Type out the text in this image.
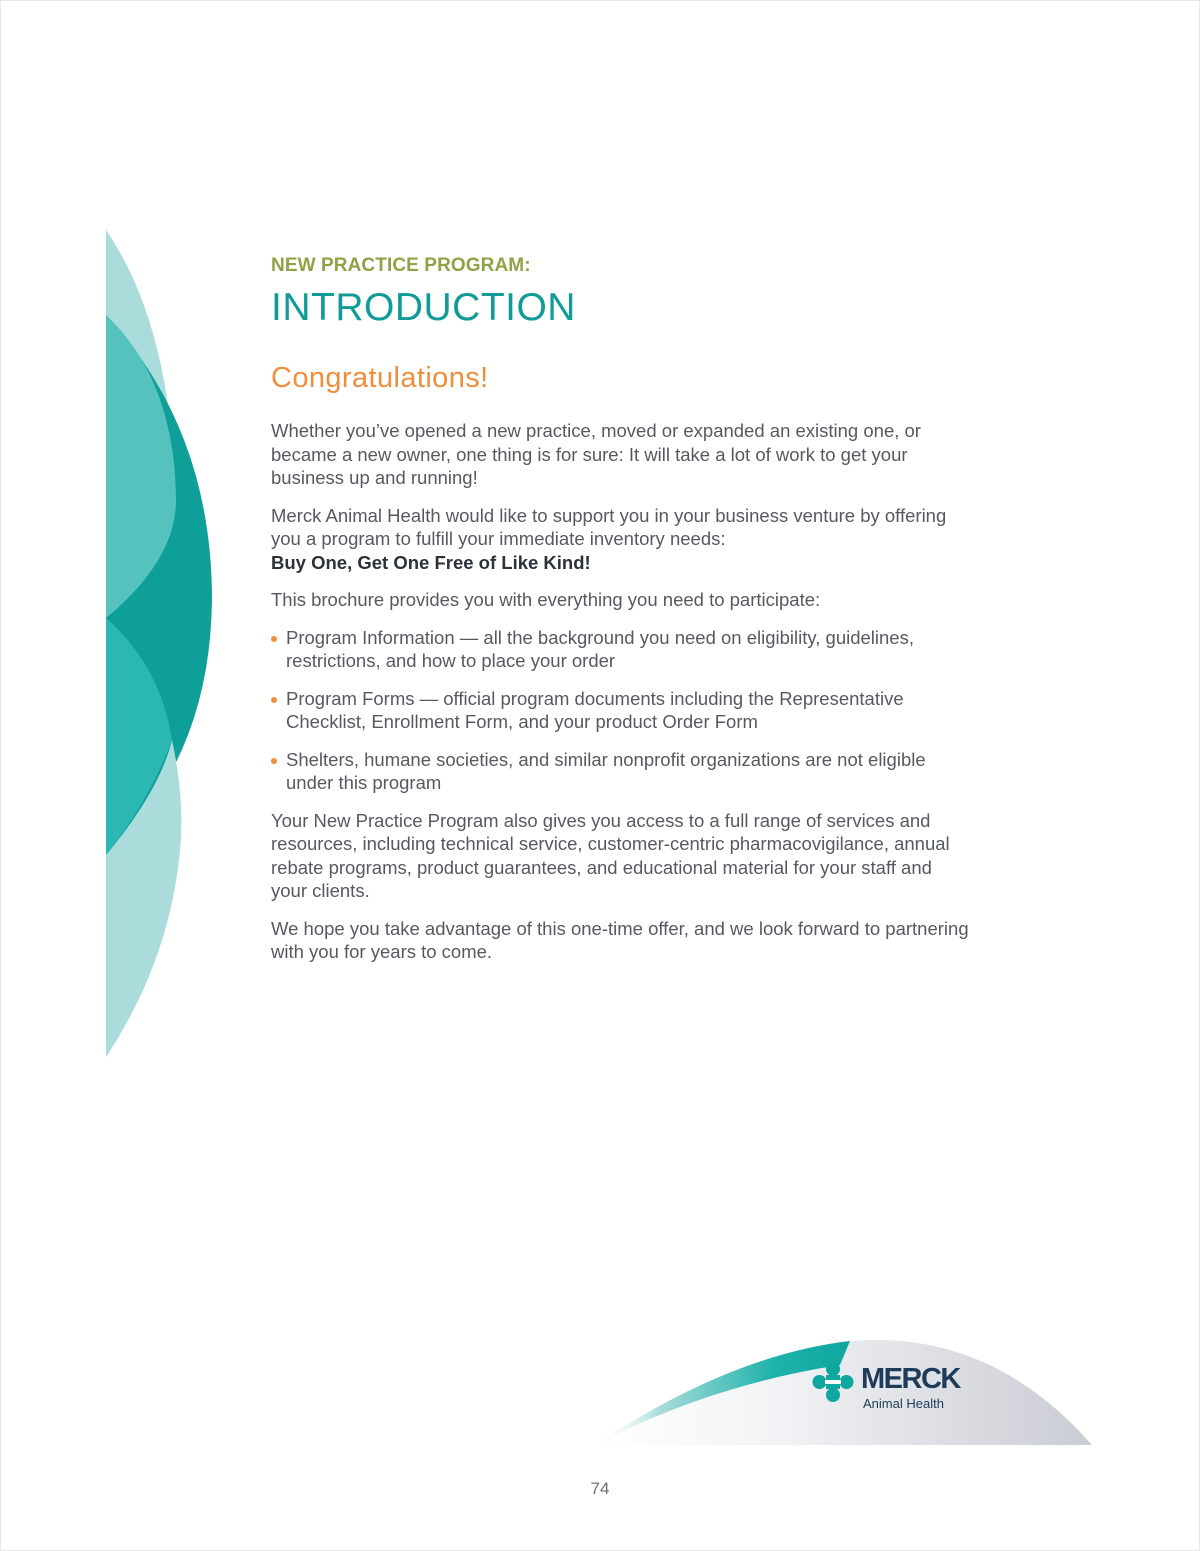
NEW PRACTICE PROGRAM:
INTRODUCTION
Congratulations!

Whether you’ve opened a new practice, moved or expanded an existing one, or became a new owner, one thing is for sure: It will take a lot of work to get your business up and running!

Merck Animal Health would like to support you in your business venture by offering you a program to fulfill your immediate inventory needs:
Buy One, Get One Free of Like Kind!

This brochure provides you with everything you need to participate:

Program Information — all the background you need on eligibility, guidelines, restrictions, and how to place your order
Program Forms — official program documents including the Representative Checklist, Enrollment Form, and your product Order Form
Shelters, humane societies, and similar nonprofit organizations are not eligible under this program

Your New Practice Program also gives you access to a full range of services and resources, including technical service, customer-centric pharmacovigilance, annual rebate programs, product guarantees, and educational material for your staff and your clients.

We hope you take advantage of this one-time offer, and we look forward to partnering with you for years to come.

MERCK
Animal Health
74
